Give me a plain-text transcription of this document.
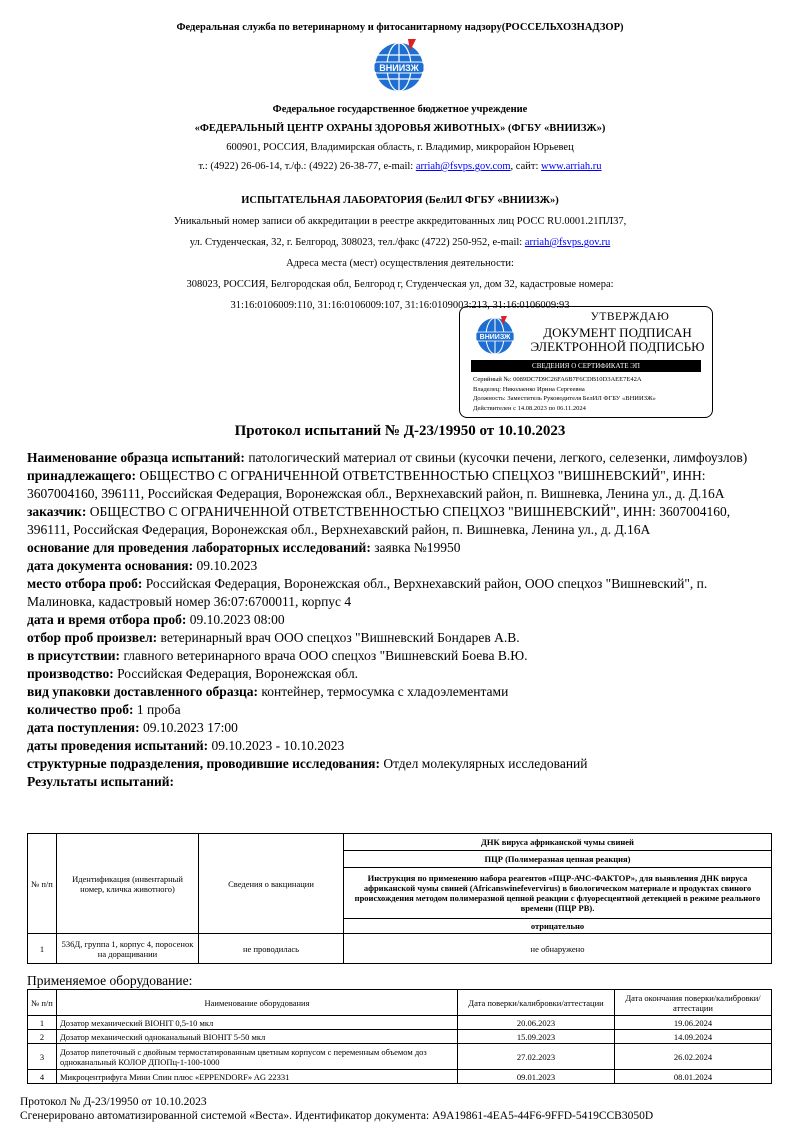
Федеральная служба по ветеринарному и фитосанитарному надзору(РОССЕЛЬХОЗНАДЗОР)
ВНИИЗЖ
Федеральное государственное бюджетное учреждение
«ФЕДЕРАЛЬНЫЙ ЦЕНТР ОХРАНЫ ЗДОРОВЬЯ ЖИВОТНЫХ» (ФГБУ «ВНИИЗЖ»)
600901, РОССИЯ, Владимирская область, г. Владимир, микрорайон Юрьевец
т.: (4922) 26-06-14, т./ф.: (4922) 26-38-77, e-mail: arriah@fsvps.gov.com, сайт: www.arriah.ru
ИСПЫТАТЕЛЬНАЯ ЛАБОРАТОРИЯ (БелИЛ ФГБУ «ВНИИЗЖ»)
Уникальный номер записи об аккредитации в реестре аккредитованных лиц РОСС RU.0001.21ПЛ37,
ул. Студенческая, 32, г. Белгород, 308023, тел./факс (4722) 250-952, e-mail: arriah@fsvps.gov.ru
Адреса места (мест) осуществления деятельности:
308023, РОССИЯ, Белгородская обл, Белгород г, Студенческая ул, дом 32, кадастровые номера:
31:16:0106009:110, 31:16:0106009:107, 31:16:0109003:213, 31:16:0106009:93
ВНИИЗЖ
УТВЕРЖДАЮ
ДОКУМЕНТ ПОДПИСАН
ЭЛЕКТРОННОЙ ПОДПИСЬЮ
СВЕДЕНИЯ О СЕРТИФИКАТЕ ЭП
Серийный №: 0089DC7D9C26FA6B7F6CDB10D3AEE7E42A
Владелец: Николаенко Ирина Сергеевна
Должность: Заместитель Руководителя БелИЛ ФГБУ «ВНИИЗЖ»
Действителен с 14.08.2023 по 06.11.2024
Протокол испытаний № Д-23/19950 от 10.10.2023

Наименование образца испытаний: патологический материал от свиньи (кусочки печени, легкого, селезенки, лимфоузлов)

принадлежащего: ОБЩЕСТВО С ОГРАНИЧЕННОЙ ОТВЕТСТВЕННОСТЬЮ СПЕЦХОЗ "ВИШНЕВСКИЙ", ИНН: 3607004160, 396111, Российская Федерация, Воронежская обл., Верхнехавский район, п. Вишневка, Ленина ул., д. Д.16А

заказчик: ОБЩЕСТВО С ОГРАНИЧЕННОЙ ОТВЕТСТВЕННОСТЬЮ СПЕЦХОЗ "ВИШНЕВСКИЙ", ИНН: 3607004160, 396111, Российская Федерация, Воронежская обл., Верхнехавский район, п. Вишневка, Ленина ул., д. Д.16А

основание для проведения лабораторных исследований: заявка №19950

дата документа основания: 09.10.2023

место отбора проб: Российская Федерация, Воронежская обл., Верхнехавский район, ООО спецхоз "Вишневский", п. Малиновка, кадастровый номер 36:07:6700011, корпус 4

дата и время отбора проб: 09.10.2023 08:00

отбор проб произвел: ветеринарный врач ООО спецхоз "Вишневский Бондарев А.В.

в присутствии: главного ветеринарного врача ООО спецхоз "Вишневский Боева В.Ю.

производство: Российская Федерация, Воронежская обл.

вид упаковки доставленного образца: контейнер, термосумка с хладоэлементами

количество проб: 1 проба

дата поступления: 09.10.2023 17:00

даты проведения испытаний: 09.10.2023 - 10.10.2023

структурные подразделения, проводившие исследования: Отдел молекулярных исследований

Результаты испытаний:

№ п/п	Идентификация (инвентарный номер, кличка животного)	Сведения о вакцинации	ДНК вируса африканской чумы свиней
			ПЦР (Полимеразная цепная реакция)
			Инструкция по применению набора реагентов «ПЦР-АЧС-ФАКТОР», для выявления ДНК вируса африканской чумы свиней (Africanswinefevervirus) в биологическом материале и продуктах свиного происхождения методом полимеразной цепной реакции с флуоресцентной детекцией в режиме реального времени (ПЦР РВ).
			отрицательно
1	536Д, группа 1, корпус 4, поросенок на доращивании	не проводилась	не обнаружено
Применяемое оборудование:
№ п/п	Наименование оборудования	Дата поверки/калибровки/аттестации	Дата окончания поверки/калибровки/аттестации
1	Дозатор механический BIOHIT 0,5-10 мкл	20.06.2023	19.06.2024
2	Дозатор механический одноканальный BIOHIT 5-50 мкл	15.09.2023	14.09.2024
3	Дозатор пипеточный с двойным термостатированным цветным корпусом с переменным объемом доз одноканальный КОЛОР ДПОПц-1-100-1000	27.02.2023	26.02.2024
4	Микроцентрифуга Мини Спин плюс «EPPENDORF» AG 22331	09.01.2023	08.01.2024
Протокол № Д-23/19950 от 10.10.2023
Сгенерировано автоматизированной системой «Веста». Идентификатор документа: A9A19861-4EA5-44F6-9FFD-5419CCB3050D
